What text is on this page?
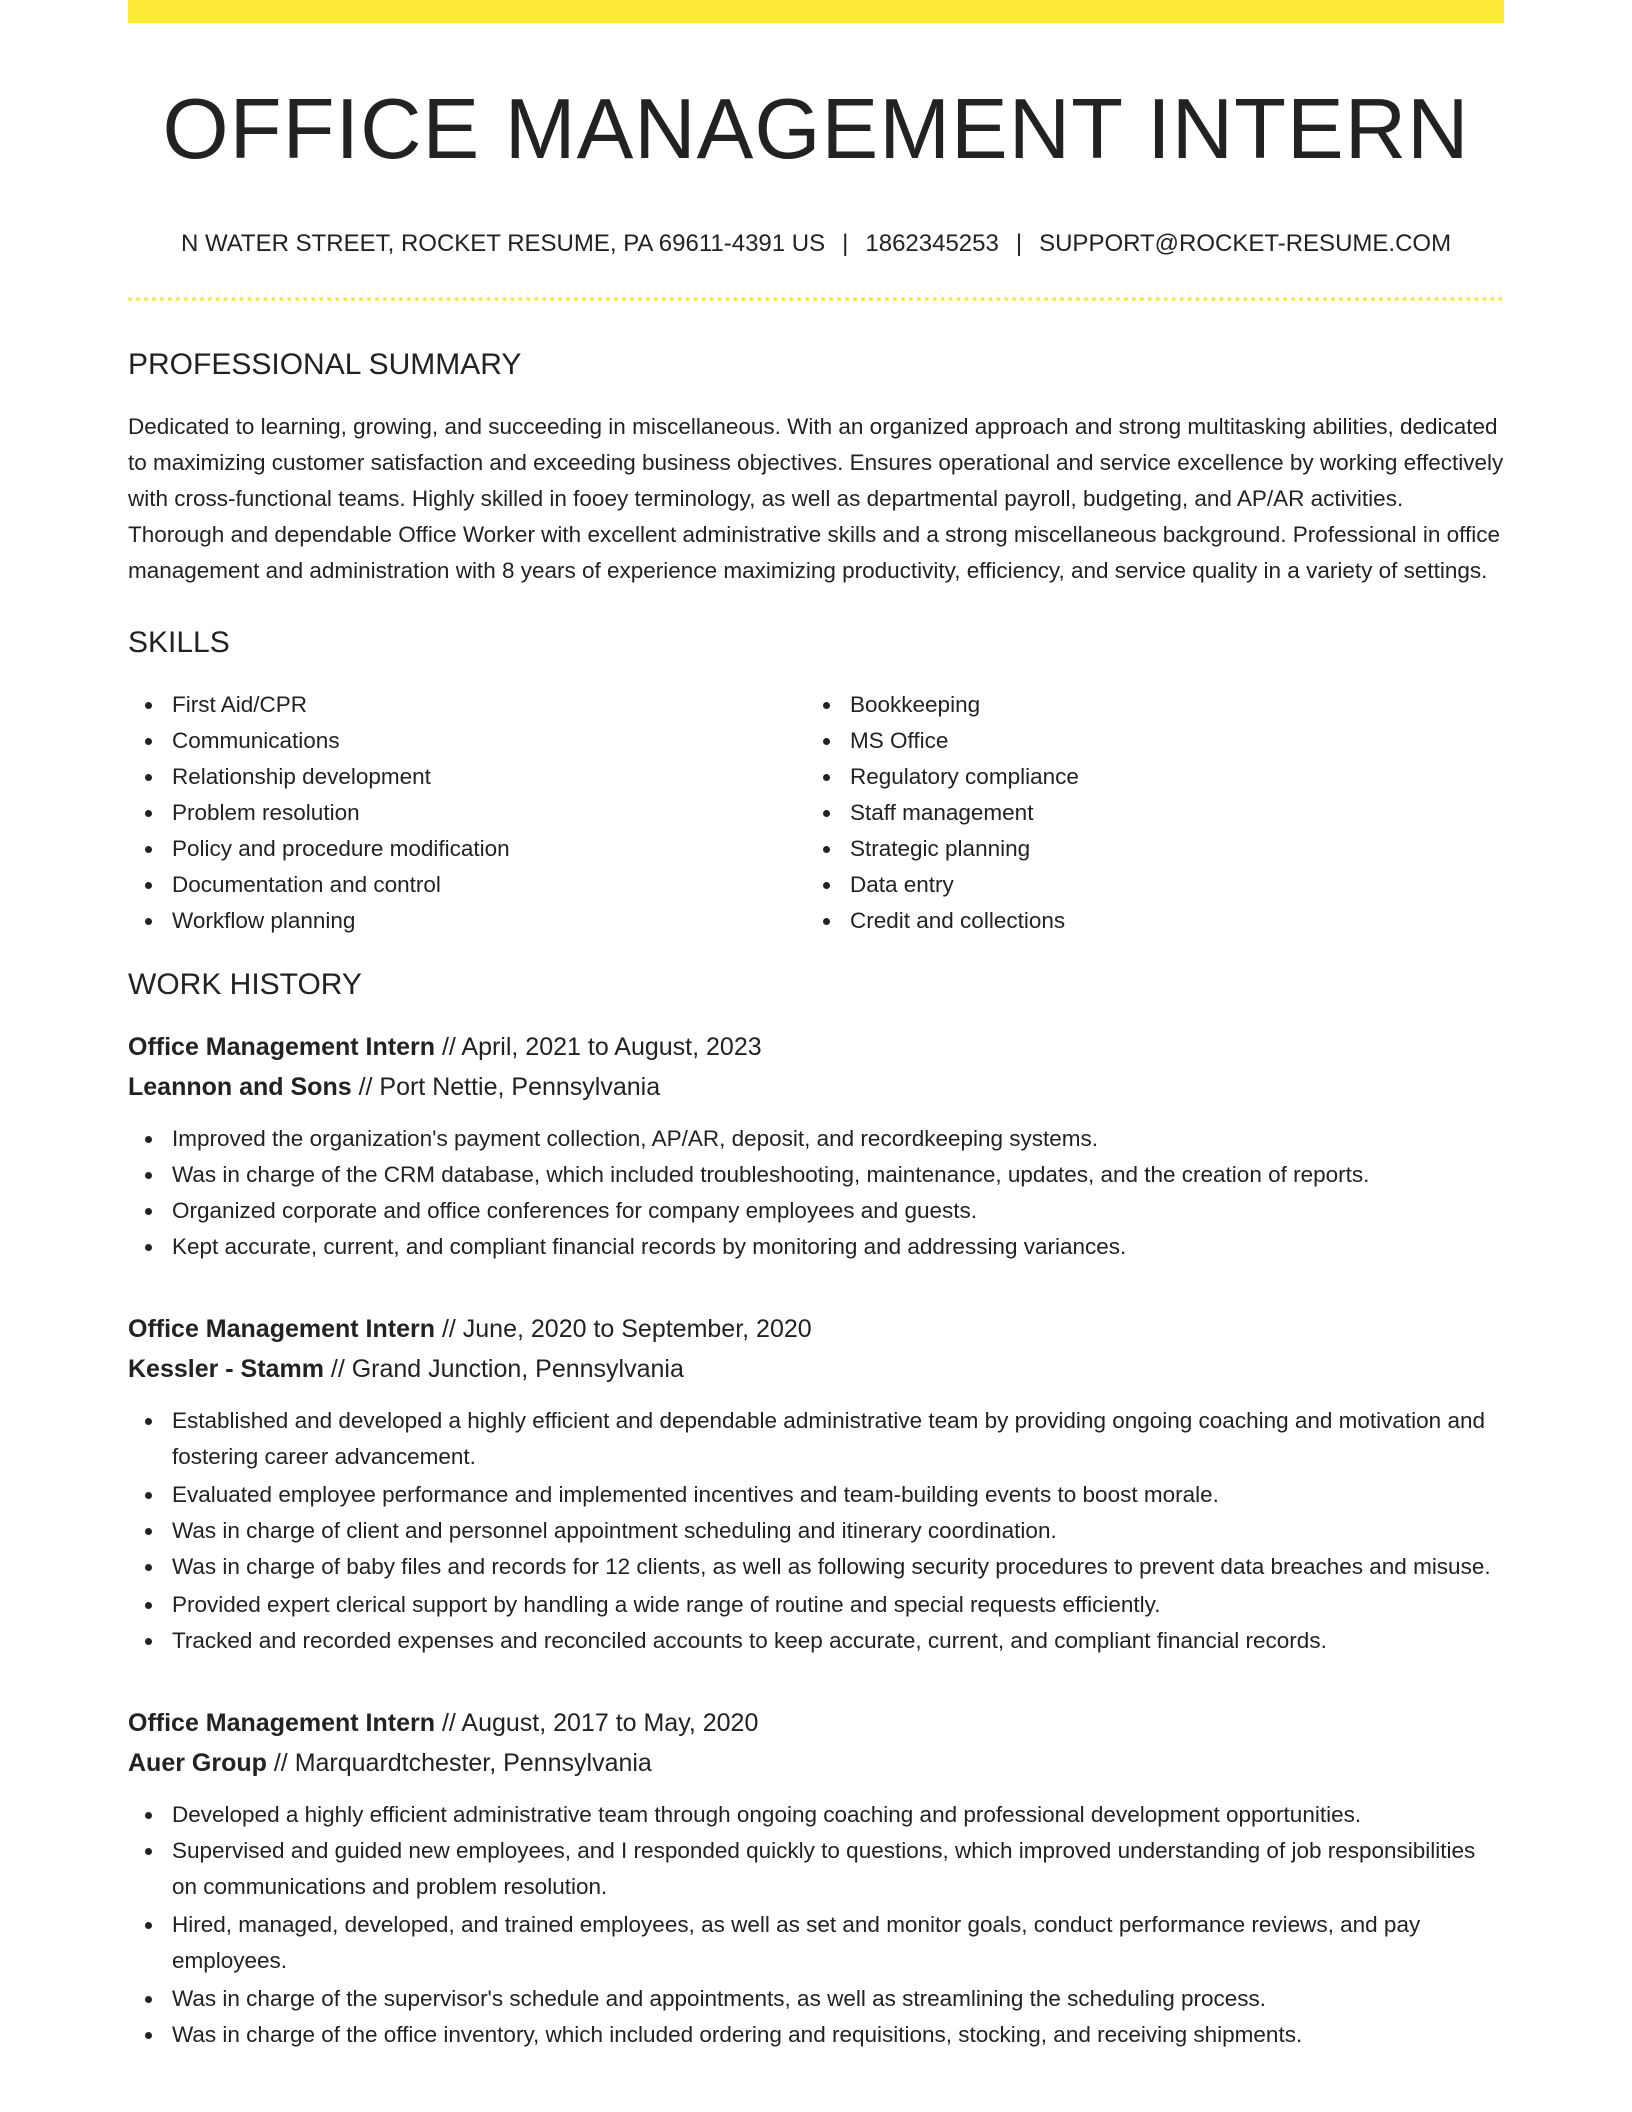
OFFICE MANAGEMENT INTERN
N WATER STREET, ROCKET RESUME, PA 69611-4391 US | 1862345253 | SUPPORT@ROCKET-RESUME.COM
PROFESSIONAL SUMMARY

Dedicated to learning, growing, and succeeding in miscellaneous. With an organized approach and strong multitasking abilities, dedicated to maximizing customer satisfaction and exceeding business objectives. Ensures operational and service excellence by working effectively with cross-functional teams. Highly skilled in fooey terminology, as well as departmental payroll, budgeting, and AP/AR activities. Thorough and dependable Office Worker with excellent administrative skills and a strong miscellaneous background. Professional in office management and administration with 8 years of experience maximizing productivity, efficiency, and service quality in a variety of settings.

SKILLS
First Aid/CPR
Communications
Relationship development
Problem resolution
Policy and procedure modification
Documentation and control
Workflow planning
Bookkeeping
MS Office
Regulatory compliance
Staff management
Strategic planning
Data entry
Credit and collections
WORK HISTORY
Office Management Intern // April, 2021 to August, 2023
Leannon and Sons // Port Nettie, Pennsylvania
Improved the organization's payment collection, AP/AR, deposit, and recordkeeping systems.
Was in charge of the CRM database, which included troubleshooting, maintenance, updates, and the creation of reports.
Organized corporate and office conferences for company employees and guests.
Kept accurate, current, and compliant financial records by monitoring and addressing variances.
Office Management Intern // June, 2020 to September, 2020
Kessler - Stamm // Grand Junction, Pennsylvania
Established and developed a highly efficient and dependable administrative team by providing ongoing coaching and motivation and fostering career advancement.
Evaluated employee performance and implemented incentives and team-building events to boost morale.
Was in charge of client and personnel appointment scheduling and itinerary coordination.
Was in charge of baby files and records for 12 clients, as well as following security procedures to prevent data breaches and misuse.
Provided expert clerical support by handling a wide range of routine and special requests efficiently.
Tracked and recorded expenses and reconciled accounts to keep accurate, current, and compliant financial records.
Office Management Intern // August, 2017 to May, 2020
Auer Group // Marquardtchester, Pennsylvania
Developed a highly efficient administrative team through ongoing coaching and professional development opportunities.
Supervised and guided new employees, and I responded quickly to questions, which improved understanding of job responsibilities on communications and problem resolution.
Hired, managed, developed, and trained employees, as well as set and monitor goals, conduct performance reviews, and pay employees.
Was in charge of the supervisor's schedule and appointments, as well as streamlining the scheduling process.
Was in charge of the office inventory, which included ordering and requisitions, stocking, and receiving shipments.
